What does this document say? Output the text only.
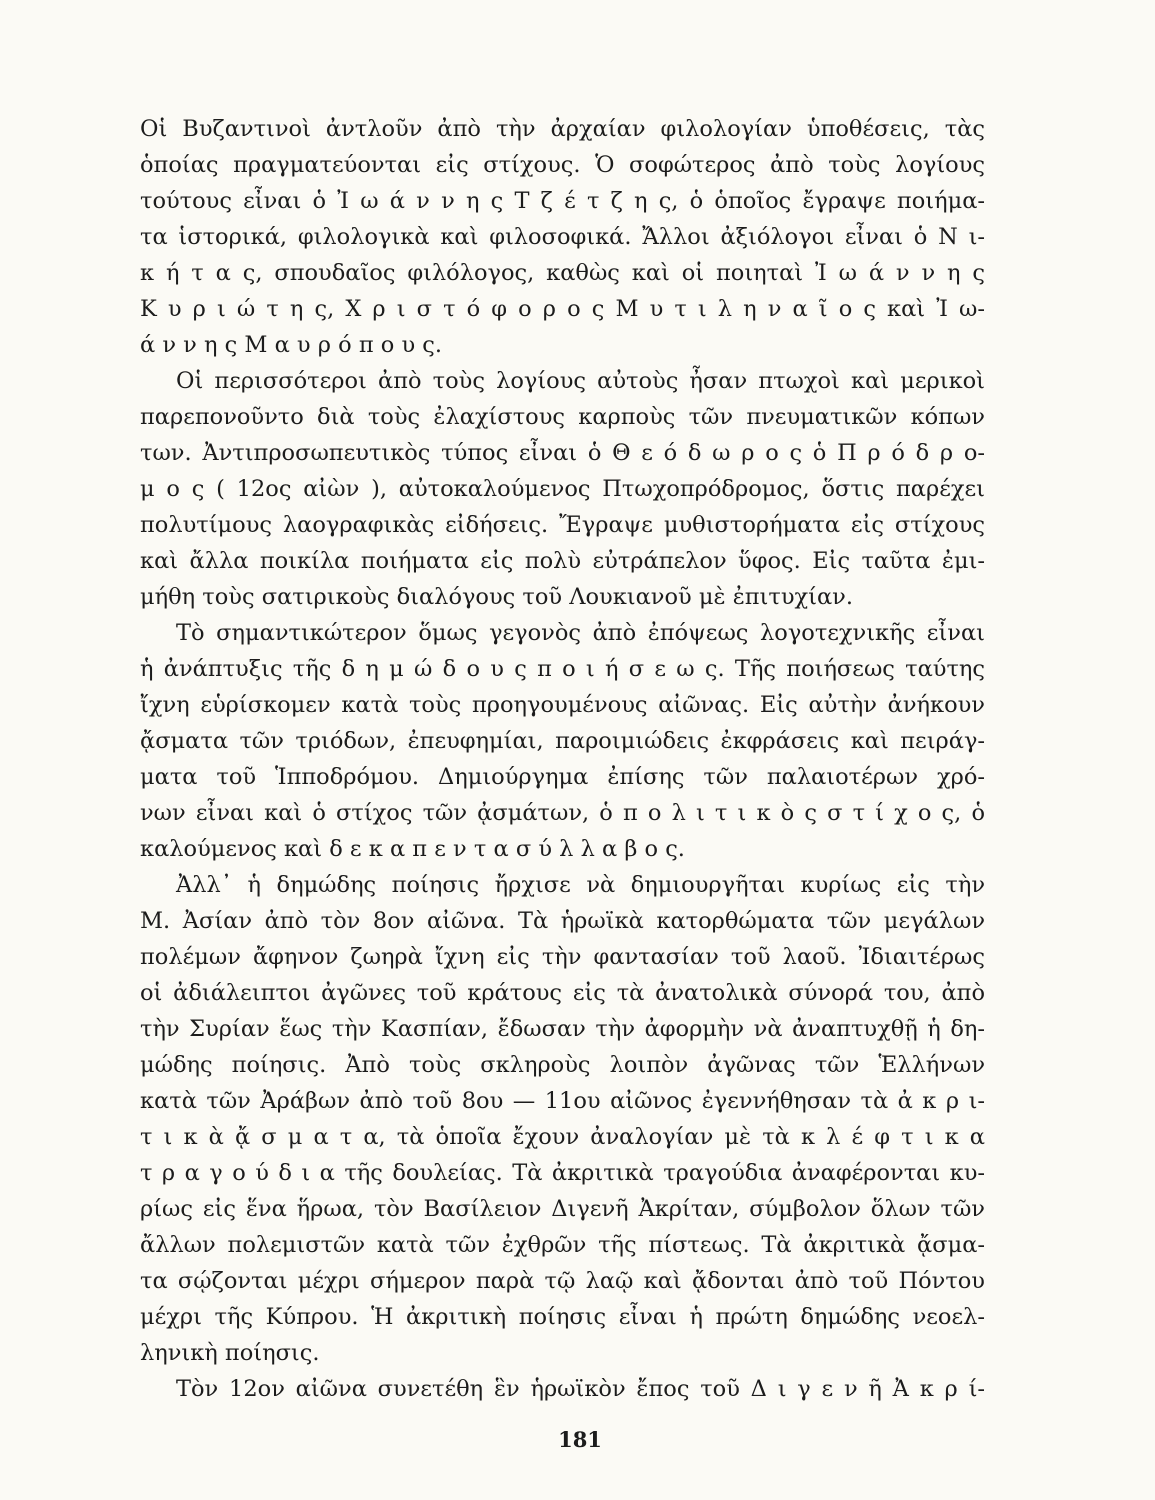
Οἱ Βυζαντινοὶ ἀντλοῦν ἀπὸ τὴν ἀρχαίαν φιλολογίαν ὑποθέσεις, τὰς
ὁποίας πραγματεύονται εἰς στίχους. Ὁ σοφώτερος ἀπὸ τοὺς λογίους
τούτους εἶναι ὁ Ἰ ω ά ν ν η ς Τ ζ έ τ ζ η ς, ὁ ὁποῖος ἔγραψε ποιήμα-
τα ἱστορικά, φιλολογικὰ καὶ φιλοσοφικά. Ἄλλοι ἀξιόλογοι εἶναι ὁ Ν ι-
κ ή τ α ς, σπουδαῖος φιλόλογος, καθὼς καὶ οἱ ποιηταὶ Ἰ ω ά ν ν η ς
Κ υ ρ ι ώ τ η ς, Χ ρ ι σ τ ό φ ο ρ ο ς Μ υ τ ι λ η ν α ῖ ο ς καὶ Ἰ ω-
ά ν ν η ς Μ α υ ρ ό π ο υ ς.
Οἱ περισσότεροι ἀπὸ τοὺς λογίους αὐτοὺς ἦσαν πτωχοὶ καὶ μερικοὶ
παρεπονοῦντο διὰ τοὺς ἐλαχίστους καρποὺς τῶν πνευματικῶν κόπων
των. Ἀντιπροσωπευτικὸς τύπος εἶναι ὁ Θ ε ό δ ω ρ ο ς ὁ Π ρ ό δ ρ ο-
μ ο ς ( 12ος αἰὼν ), αὐτοκαλούμενος Πτωχοπρόδρομος, ὅστις παρέχει
πολυτίμους λαογραφικὰς εἰδήσεις. Ἔγραψε μυθιστορήματα εἰς στίχους
καὶ ἄλλα ποικίλα ποιήματα εἰς πολὺ εὐτράπελον ὕφος. Εἰς ταῦτα ἐμι-
μήθη τοὺς σατιρικοὺς διαλόγους τοῦ Λουκιανοῦ μὲ ἐπιτυχίαν.
Τὸ σημαντικώτερον ὅμως γεγονὸς ἀπὸ ἐπόψεως λογοτεχνικῆς εἶναι
ἡ ἀνάπτυξις τῆς δ η μ ώ δ ο υ ς π ο ι ή σ ε ω ς. Τῆς ποιήσεως ταύτης
ἴχνη εὑρίσκομεν κατὰ τοὺς προηγουμένους αἰῶνας. Εἰς αὐτὴν ἀνήκουν
ᾄσματα τῶν τριόδων, ἐπευφημίαι, παροιμιώδεις ἐκφράσεις καὶ πειράγ-
ματα τοῦ Ἱπποδρόμου. Δημιούργημα ἐπίσης τῶν παλαιοτέρων χρό-
νων εἶναι καὶ ὁ στίχος τῶν ᾀσμάτων, ὁ π ο λ ι τ ι κ ὸ ς σ τ ί χ ο ς, ὁ
καλούμενος καὶ δ ε κ α π ε ν τ α σ ύ λ λ α β ο ς.
Ἀλλ᾽ ἡ δημώδης ποίησις ἤρχισε νὰ δημιουργῆται κυρίως εἰς τὴν
Μ. Ἀσίαν ἀπὸ τὸν 8ον αἰῶνα. Τὰ ἡρωϊκὰ κατορθώματα τῶν μεγάλων
πολέμων ἄφηνον ζωηρὰ ἴχνη εἰς τὴν φαντασίαν τοῦ λαοῦ. Ἰδιαιτέρως
οἱ ἀδιάλειπτοι ἀγῶνες τοῦ κράτους εἰς τὰ ἀνατολικὰ σύνορά του, ἀπὸ
τὴν Συρίαν ἕως τὴν Κασπίαν, ἔδωσαν τὴν ἀφορμὴν νὰ ἀναπτυχθῇ ἡ δη-
μώδης ποίησις. Ἀπὸ τοὺς σκληροὺς λοιπὸν ἀγῶνας τῶν Ἑλλήνων
κατὰ τῶν Ἀράβων ἀπὸ τοῦ 8ου — 11ου αἰῶνος ἐγεννήθησαν τὰ ἀ κ ρ ι-
τ ι κ ὰ ᾄ σ μ α τ α, τὰ ὁποῖα ἔχουν ἀναλογίαν μὲ τὰ κ λ έ φ τ ι κ α
τ ρ α γ ο ύ δ ι α τῆς δουλείας. Τὰ ἀκριτικὰ τραγούδια ἀναφέρονται κυ-
ρίως εἰς ἕνα ἥρωα, τὸν Βασίλειον Διγενῆ Ἀκρίταν, σύμβολον ὅλων τῶν
ἄλλων πολεμιστῶν κατὰ τῶν ἐχθρῶν τῆς πίστεως. Τὰ ἀκριτικὰ ᾄσμα-
τα σῴζονται μέχρι σήμερον παρὰ τῷ λαῷ καὶ ᾄδονται ἀπὸ τοῦ Πόντου
μέχρι τῆς Κύπρου. Ἡ ἀκριτικὴ ποίησις εἶναι ἡ πρώτη δημώδης νεοελ-
ληνικὴ ποίησις.
Τὸν 12ον αἰῶνα συνετέθη ἓν ἡρωϊκὸν ἔπος τοῦ Δ ι γ ε ν ῆ Ἀ κ ρ ί-
181
